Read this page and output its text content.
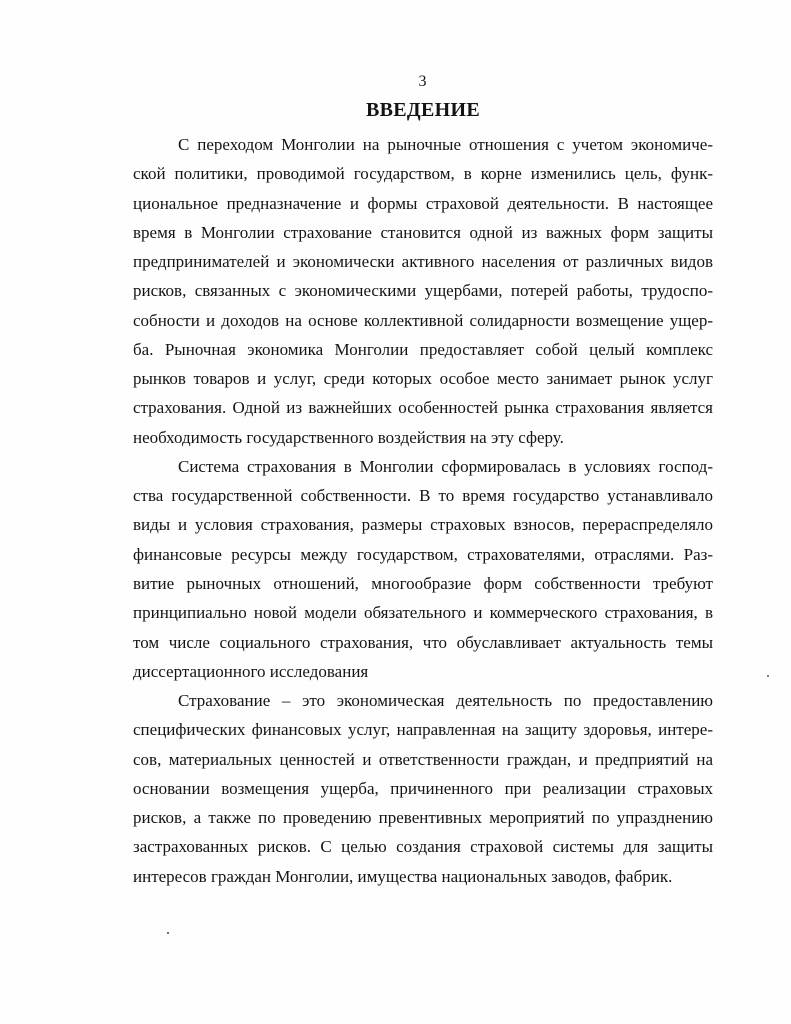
3
ВВЕДЕНИЕ
С переходом Монголии на рыночные отношения с учетом экономиче-
ской политики, проводимой государством, в корне изменились цель, функ-
циональное предназначение и формы страховой деятельности. В настоящее
время в Монголии страхование становится одной из важных форм защиты
предпринимателей и экономически активного населения от различных видов
рисков, связанных с экономическими ущербами, потерей работы, трудоспо-
собности и доходов на основе коллективной солидарности возмещение ущер-
ба. Рыночная экономика Монголии предоставляет собой целый комплекс
рынков товаров и услуг, среди которых особое место занимает рынок услуг
страхования. Одной из важнейших особенностей рынка страхования является
необходимость государственного воздействия на эту сферу.
Система страхования в Монголии сформировалась в условиях господ-
ства государственной собственности. В то время государство устанавливало
виды и условия страхования, размеры страховых взносов, перераспределяло
финансовые ресурсы между государством, страхователями, отраслями. Раз-
витие рыночных отношений, многообразие форм собственности требуют
принципиально новой модели обязательного и коммерческого страхования, в
том числе социального страхования, что обуславливает актуальность темы
диссертационного исследования
Страхование – это экономическая деятельность по предоставлению
специфических финансовых услуг, направленная на защиту здоровья, интере-
сов, материальных ценностей и ответственности граждан, и предприятий на
основании возмещения ущерба, причиненного при реализации страховых
рисков, а также по проведению превентивных мероприятий по упразднению
застрахованных рисков. С целью создания страховой системы для защиты
интересов граждан Монголии, имущества национальных заводов, фабрик.
